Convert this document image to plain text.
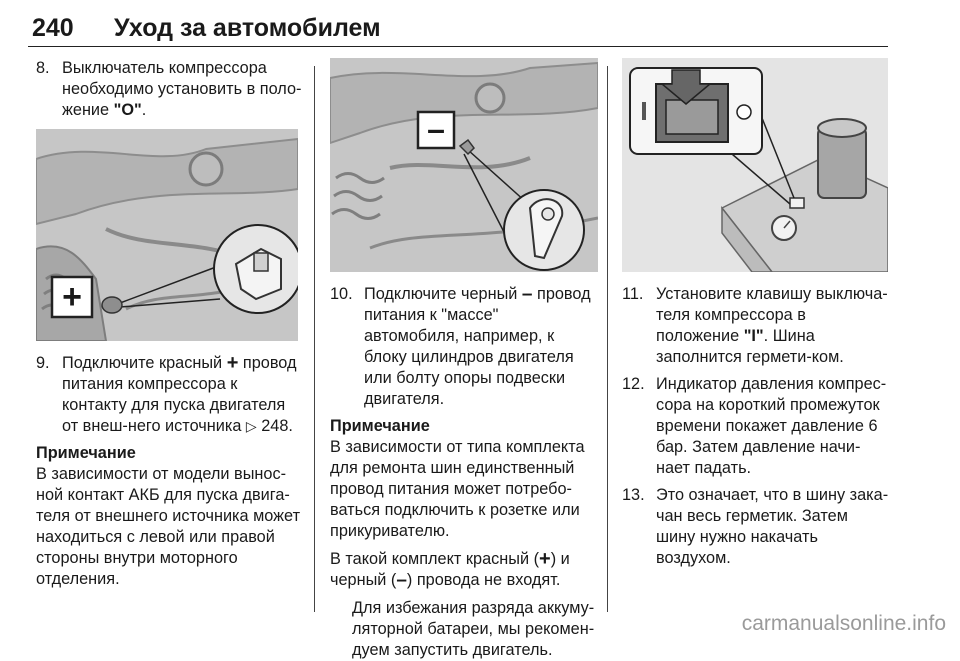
240 Уход за автомобилем
8. Выключатель компрессора необходимо установить в поло-жение "O".
+
9. Подключите красный + провод питания компрессора к контакту для пуска двигателя от внеш-него источника ▷ 248.
Примечание
В зависимости от модели вынос-ной контакт АКБ для пуска двига-теля от внешнего источника может находиться с левой или правой стороны внутри моторного отделения.
–
10. Подключите черный – провод питания к "массе" автомобиля, например, к блоку цилиндров двигателя или болту опоры подвески двигателя.
Примечание
В зависимости от типа комплекта для ремонта шин единственный провод питания может потребо-ваться подключить к розетке или прикуривателю.
В такой комплект красный (+) и черный (–) провода не входят.
Для избежания разряда аккуму-ляторной батареи, мы рекомен-дуем запустить двигатель.
11. Установите клавишу выключа-теля компрессора в положение "I". Шина заполнится гермети-ком.
12. Индикатор давления компрес-сора на короткий промежуток времени покажет давление 6 бар. Затем давление начи-нает падать.
13. Это означает, что в шину зака-чан весь герметик. Затем шину нужно накачать воздухом.
carmanualsonline.info
